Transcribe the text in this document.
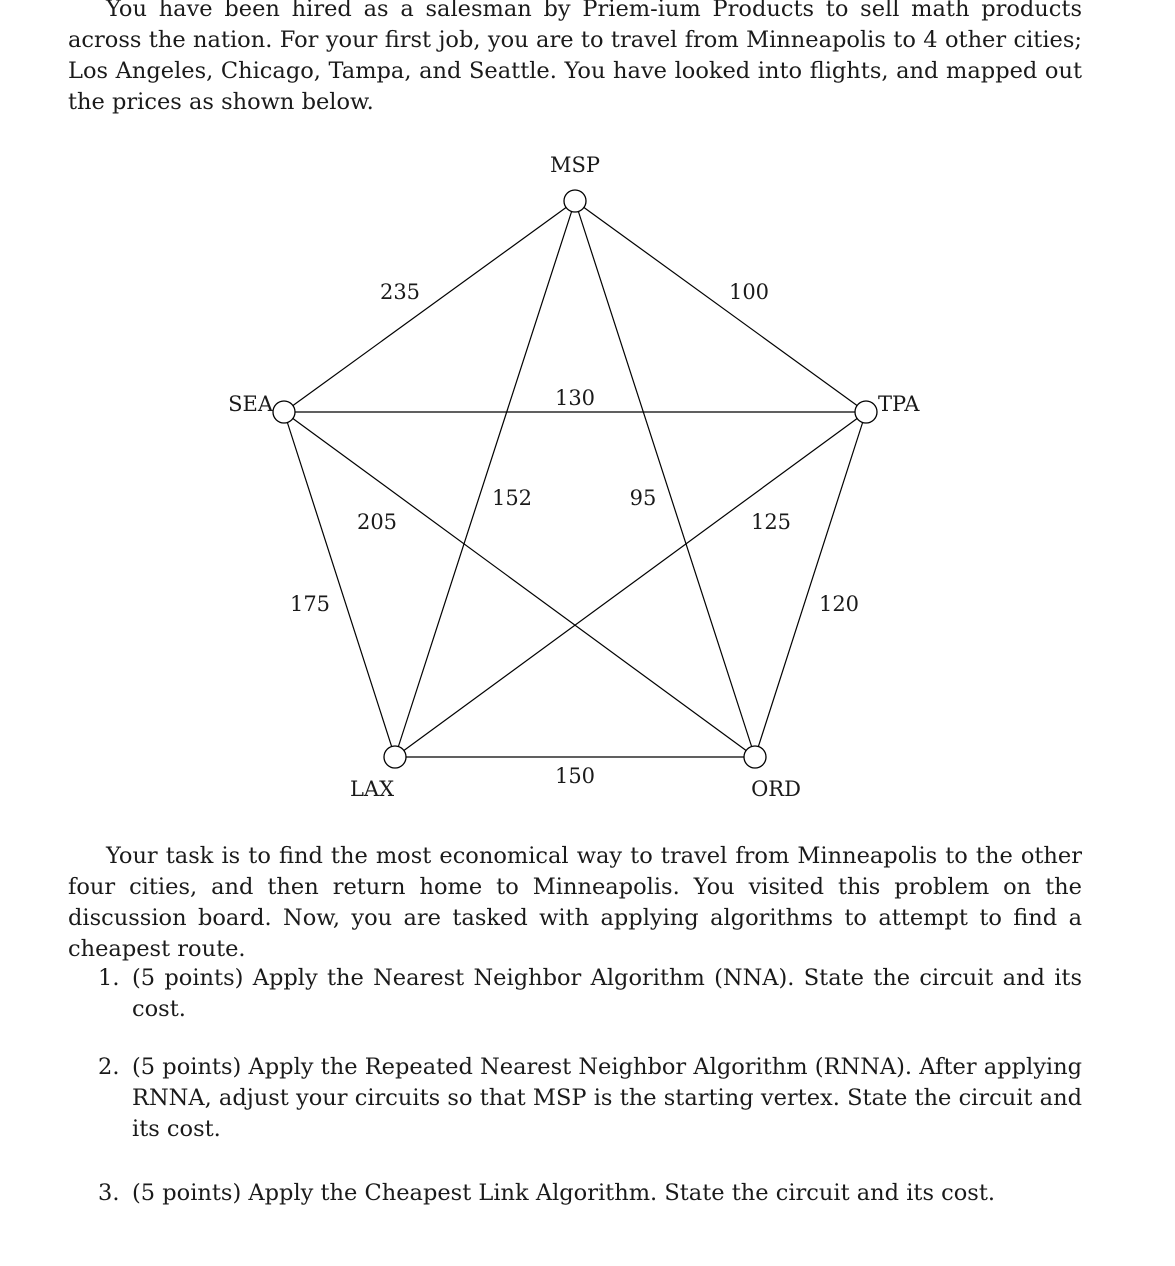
You have been hired as a salesman by Priem-ium Products to sell math products across the nation. For your first job, you are to travel from Minneapolis to 4 other cities; Los Angeles, Chicago, Tampa, and Seattle. You have looked into flights, and mapped out the prices as shown below.

MSP
TPA
SEA
LAX	ORD
235	100
130
152	95
205	125
175	120
150

Your task is to find the most economical way to travel from Minneapolis to the other four cities, and then return home to Minneapolis. You visited this problem on the discussion board. Now, you are tasked with applying algorithms to attempt to find a cheapest route.

1. (5 points) Apply the Nearest Neighbor Algorithm (NNA). State the circuit and its cost.
2. (5 points) Apply the Repeated Nearest Neighbor Algorithm (RNNA). After applying RNNA, adjust your circuits so that MSP is the starting vertex. State the circuit and its cost.
3. (5 points) Apply the Cheapest Link Algorithm. State the circuit and its cost.
